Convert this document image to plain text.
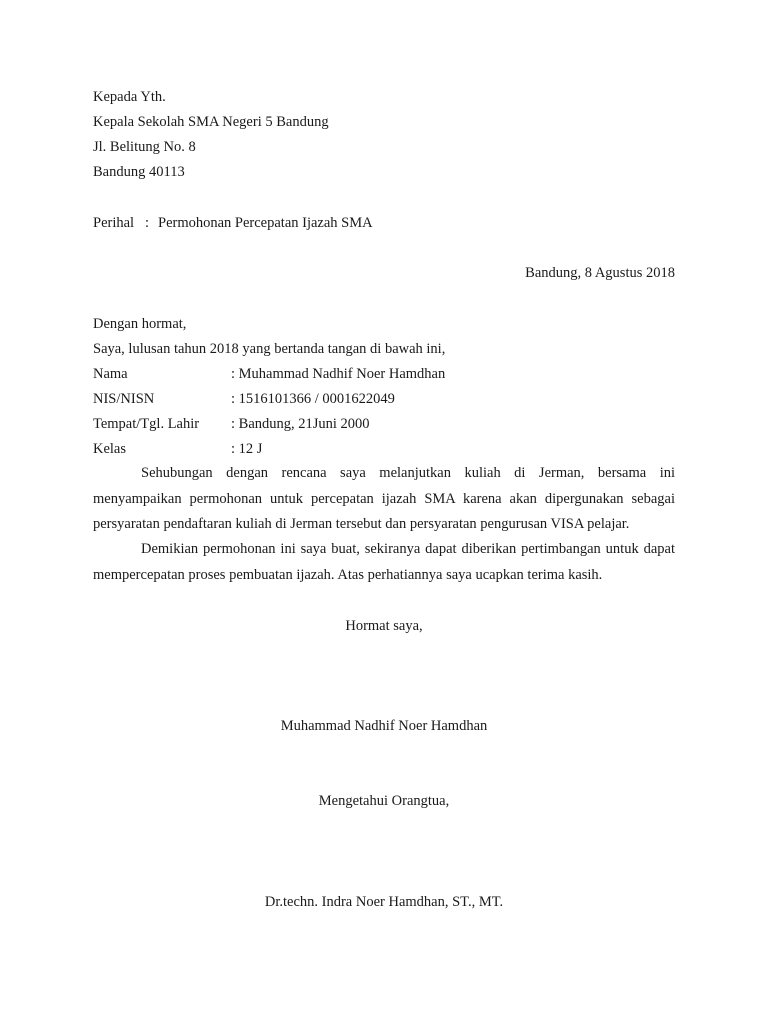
Kepada Yth.
Kepala Sekolah SMA Negeri 5 Bandung
Jl. Belitung No. 8
Bandung 40113
Perihal : Permohonan Percepatan Ijazah SMA
Bandung, 8 Agustus 2018
Dengan hormat,
Saya, lulusan tahun 2018 yang bertanda tangan di bawah ini,
Nama	: Muhammad Nadhif Noer Hamdhan
NIS/NISN	: 1516101366 / 0001622049
Tempat/Tgl. Lahir : Bandung, 21Juni 2000
Kelas	: 12 J
Sehubungan dengan rencana saya melanjutkan kuliah di Jerman, bersama ini menyampaikan permohonan untuk percepatan ijazah SMA karena akan dipergunakan sebagai persyaratan pendaftaran kuliah di Jerman tersebut dan persyaratan pengurusan VISA pelajar.
Demikian permohonan ini saya buat, sekiranya dapat diberikan pertimbangan untuk dapat mempercepatan proses pembuatan ijazah. Atas perhatiannya saya ucapkan terima kasih.
Hormat saya,
Muhammad Nadhif Noer Hamdhan
Mengetahui Orangtua,
Dr.techn. Indra Noer Hamdhan, ST., MT.
